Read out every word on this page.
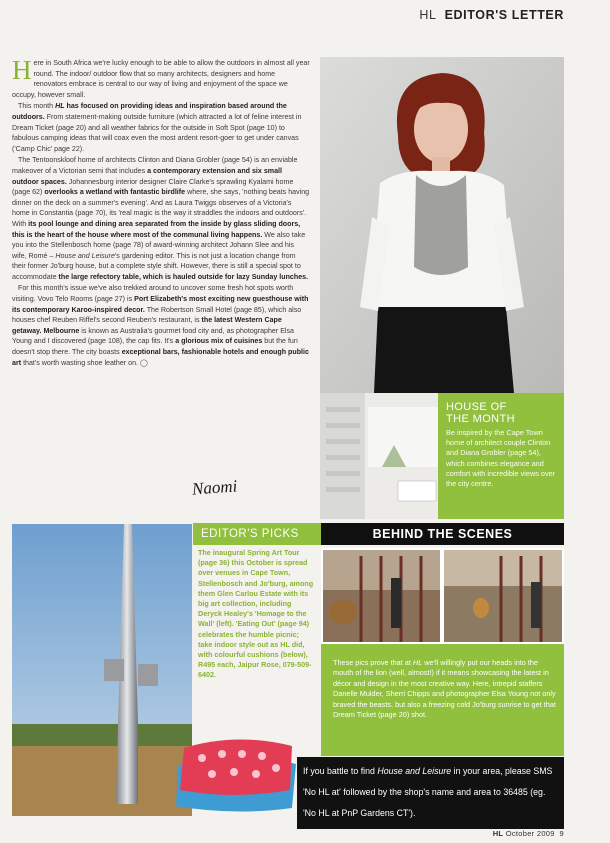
HL EDITOR'S LETTER

Here in South Africa we're lucky enough to be able to allow the outdoors in almost all year round. The indoor/ outdoor flow that so many architects, designers and home renovators embrace is central to our way of living and enjoyment of the space we occupy, however small.

This month HL has focused on providing ideas and inspiration based around the outdoors. From statement-making outside furniture (which attracted a lot of feline interest in Dream Ticket (page 20) and all weather fabrics for the outside in Soft Spot (page 10) to fabulous camping ideas that will coax even the most ardent resort-goer to get under canvas ('Camp Chic' page 22).

The Tentoonskloof home of architects Clinton and Diana Grobler (page 54) is an enviable makeover of a Victorian semi that includes a contemporary extension and six small outdoor spaces. Johannesburg interior designer Claire Clarke's sprawling Kyalami home (page 62) overlooks a wetland with fantastic birdlife where, she says, 'nothing beats having dinner on the deck on a summer's evening'. And as Laura Twiggs observes of a Victoria's home in Constantia (page 70), its 'real magic is the way it straddles the indoors and outdoors'. With its pool lounge and dining area separated from the inside by glass sliding doors, this is the heart of the house where most of the communal living happens. We also take you into the Stellenbosch home (page 78) of award-winning architect Johann Slee and his wife, Romé – House and Leisure's gardening editor. This is not just a location change from their former Jo'burg house, but a complete style shift. However, there is still a special spot to accommodate the large refectory table, which is hauled outside for lazy Sunday lunches.

For this month's issue we've also trekked around to uncover some fresh hot spots worth visiting. Vovo Telo Rooms (page 27) is Port Elizabeth's most exciting new guesthouse with its contemporary Karoo-inspired decor. The Robertson Small Hotel (page 85), which also houses chef Reuben Riffel's second Reuben's restaurant, is the latest Western Cape getaway. Melbourne is known as Australia's gourmet food city and, as photographer Elsa Young and I discovered (page 108), the cap fits. It's a glorious mix of cuisines but the fun doesn't stop there. The city boasts exceptional bars, fashionable hotels and enough public art that's worth wasting shoe leather on. ◯

Naomi
HOUSE OF
THE MONTH
Be inspired by the Cape Town home of architect couple Clinton and Diana Grobler (page 54), which combines elegance and comfort with incredible views over the city centre.
EDITOR'S PICKS
The inaugural Spring Art Tour (page 36) this October is spread over venues in Cape Town, Stellenbosch and Jo'burg, among them Glen Carlou Estate with its big art collection, including Deryck Healey's 'Homage to the Wall' (left). 'Eating Out' (page 94) celebrates the humble picnic; take indoor style out as HL did, with colourful cushions (below), R495 each, Jaipur Rose, 079-509-6402.
BEHIND THE SCENES
These pics prove that at HL we'll willingly put our heads into the mouth of the lion (well, almost!) if it means showcasing the latest in décor and design in the most creative way. Here, intrepid staffers Danelle Mulder, Sherri Chipps and photographer Elsa Young not only braved the beasts, but also a freezing cold Jo'burg sunrise to get that Dream Ticket (page 20) shot.
If you battle to find House and Leisure in your area, please SMS 'No HL at' followed by the shop's name and area to 36485 (eg. 'No HL at PnP Gardens CT').
HL October 2009 9
